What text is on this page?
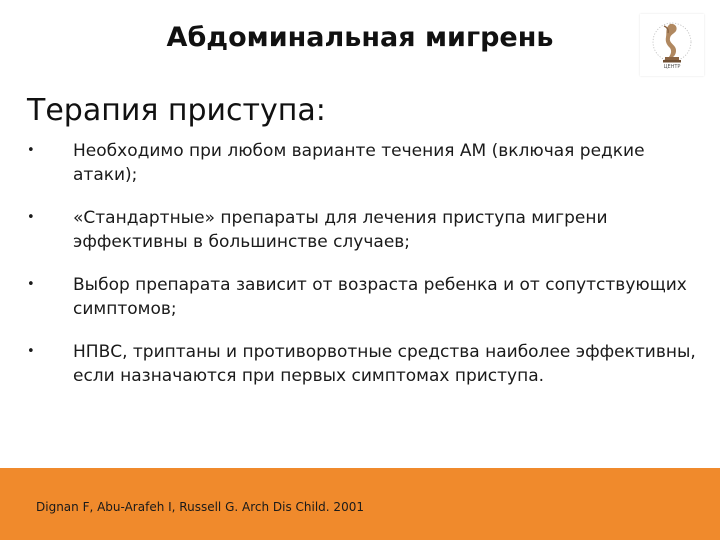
Абдоминальная мигрень
ЦЕНТР
Терапия приступа:
• Необходимо при любом варианте течения АМ (включая редкие атаки);
• «Стандартные» препараты для лечения приступа мигрени эффективны в большинстве случаев;
• Выбор препарата зависит от возраста ребенка и от сопутствующих симптомов;
• НПВС, триптаны и противорвотные средства наиболее эффективны, если назначаются при первых симптомах приступа.
Dignan F, Abu-Arafeh I, Russell G. Arch Dis Child. 2001
